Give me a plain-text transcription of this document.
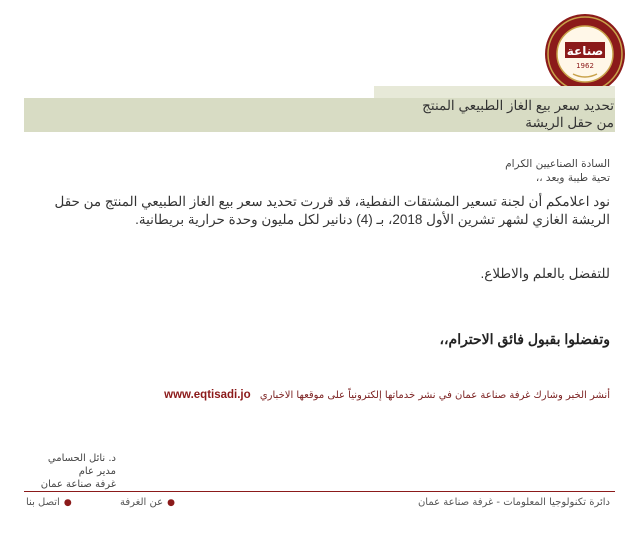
صناعة
1962
تحديد سعر بيع الغاز الطبيعي المنتج
من حقل الريشة
السادة الصناعيين الكرام
تحية طيبة وبعد ،،
نود اعلامكم أن لجنة تسعير المشتقات النفطية، قد قررت تحديد سعر بيع الغاز الطبيعي المنتج من حقل الريشة الغازي لشهر تشرين الأول 2018، بـ (4) دنانير لكل مليون وحدة حرارية بريطانية.
للتفضل بالعلم والاطلاع.
وتفضلوا بقبول فائق الاحترام،،
أنشر الخبر وشارك غرفة صناعة عمان في نشر خدماتها إلكترونياً على موقعها الاخباري www.eqtisadi.jo
د. نائل الحسامي
مدير عام
غرفة صناعة عمان
دائرة تكنولوجيا المعلومات - غرفة صناعة عمان
●عن الغرفة
●اتصل بنا
